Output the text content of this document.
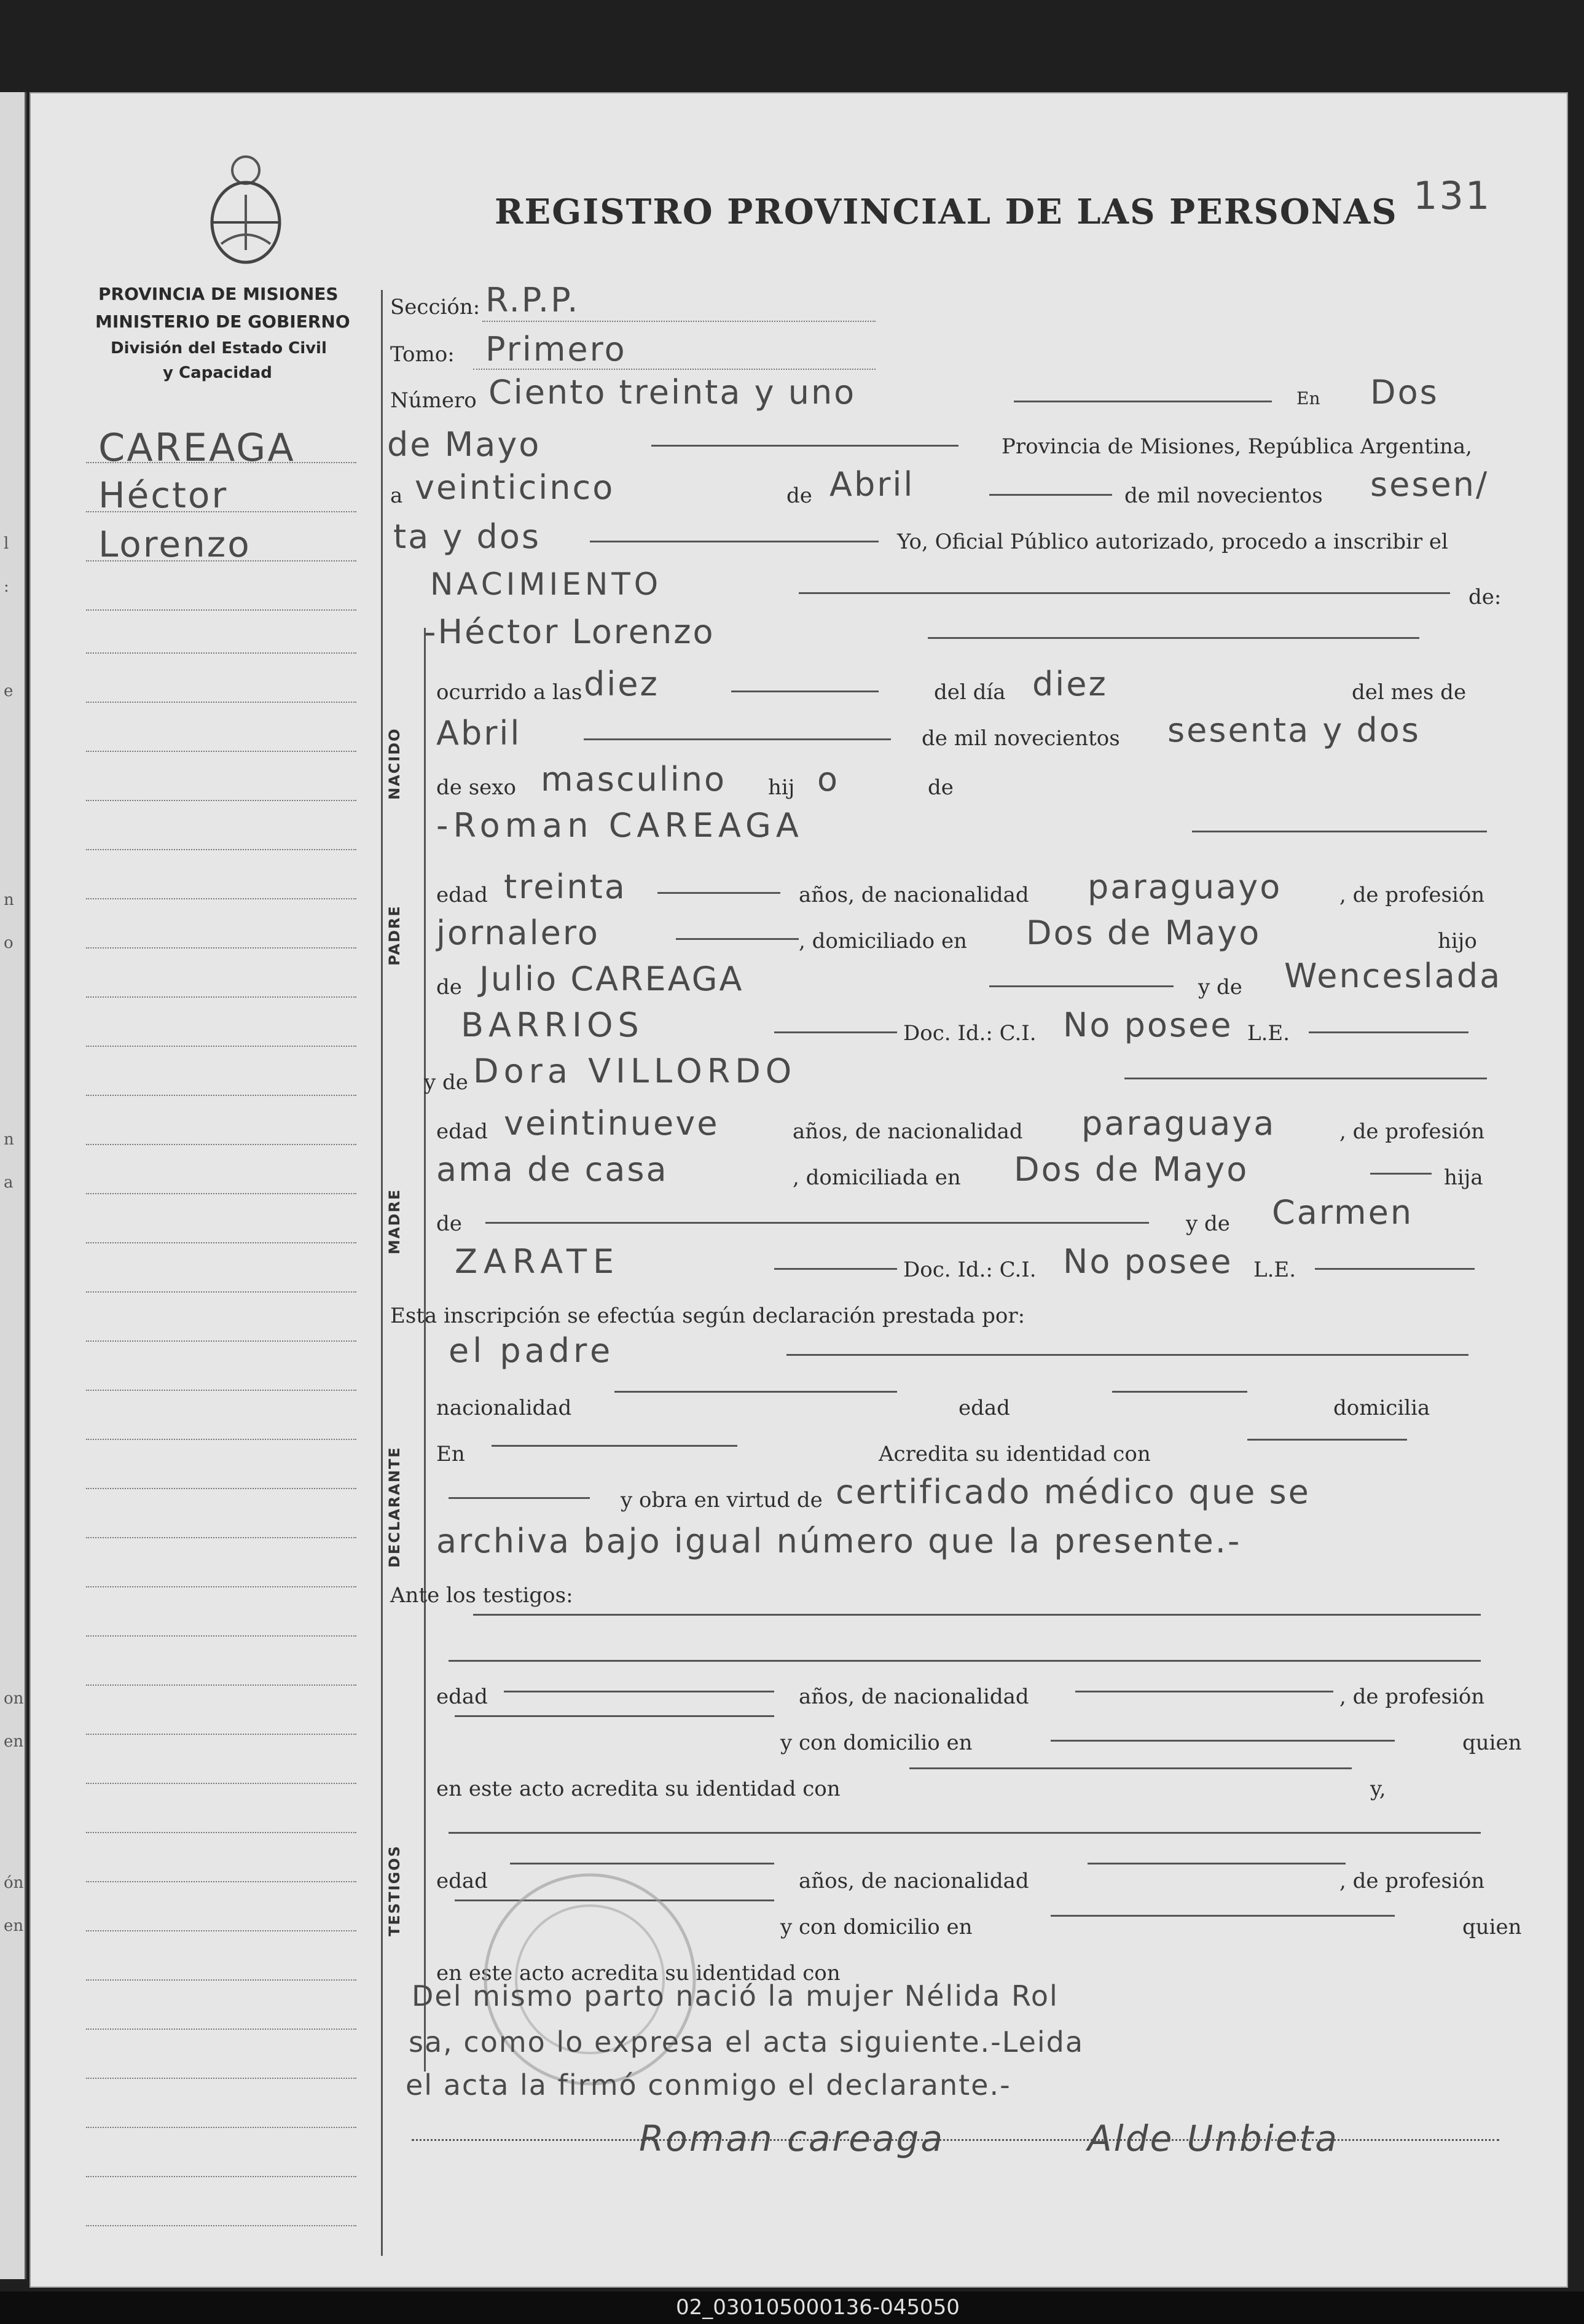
l
:
e
n
o
n
a
on
en
ón
en
REGISTRO PROVINCIAL DE LAS PERSONAS 131
PROVINCIA DE MISIONES
MINISTERIO DE GOBIERNO
División del Estado Civil
y Capacidad
CAREAGA
Héctor
Lorenzo
Sección: R.P.P.
Tomo: Primero
Número Ciento treinta y uno	En Dos
de Mayo	Provincia de Misiones, República Argentina,
a veinticinco	de Abril	de mil novecientos sesen/
ta y dos	Yo, Oficial Público autorizado, procedo a inscribir el
NACIMIENTO	de:
NACIDO
-Héctor Lorenzo
ocurrido a las diez	del día diez	del mes de
Abril	de mil novecientos sesenta y dos
de sexo masculino hij o	de
-Roman CAREAGA
PADRE
edad treinta	años, de nacionalidad paraguayo	, de profesión
jornalero	, domiciliado en Dos de Mayo	hijo
de Julio CAREAGA	y de Wenceslada
BARRIOS	Doc. Id.: C.I. No posee L.E.
y de Dora VILLORDO
MADRE
edad veintinueve	años, de nacionalidad paraguaya	, de profesión
ama de casa	, domiciliada en Dos de Mayo	hija
de	y de Carmen
ZARATE	Doc. Id.: C.I. No posee L.E.
Esta inscripción se efectúa según declaración prestada por:
DECLARANTE
el padre
nacionalidad	edad	domicilia
En	Acredita su identidad con
y obra en virtud de certificado médico que se
archiva bajo igual número que la presente.-
Ante los testigos:
TESTIGOS
edad	años, de nacionalidad	, de profesión
y con domicilio en	quien
en este acto acredita su identidad con	y,
edad	años, de nacionalidad	, de profesión
y con domicilio en	quien
en este acto acredita su identidad con
Del mismo parto nació la mujer Nélida Rol
sa, como lo expresa el acta siguiente.-Leida
el acta la firmó conmigo el declarante.-
Roman careaga	Alde Unbieta
02_030105000136-045050
